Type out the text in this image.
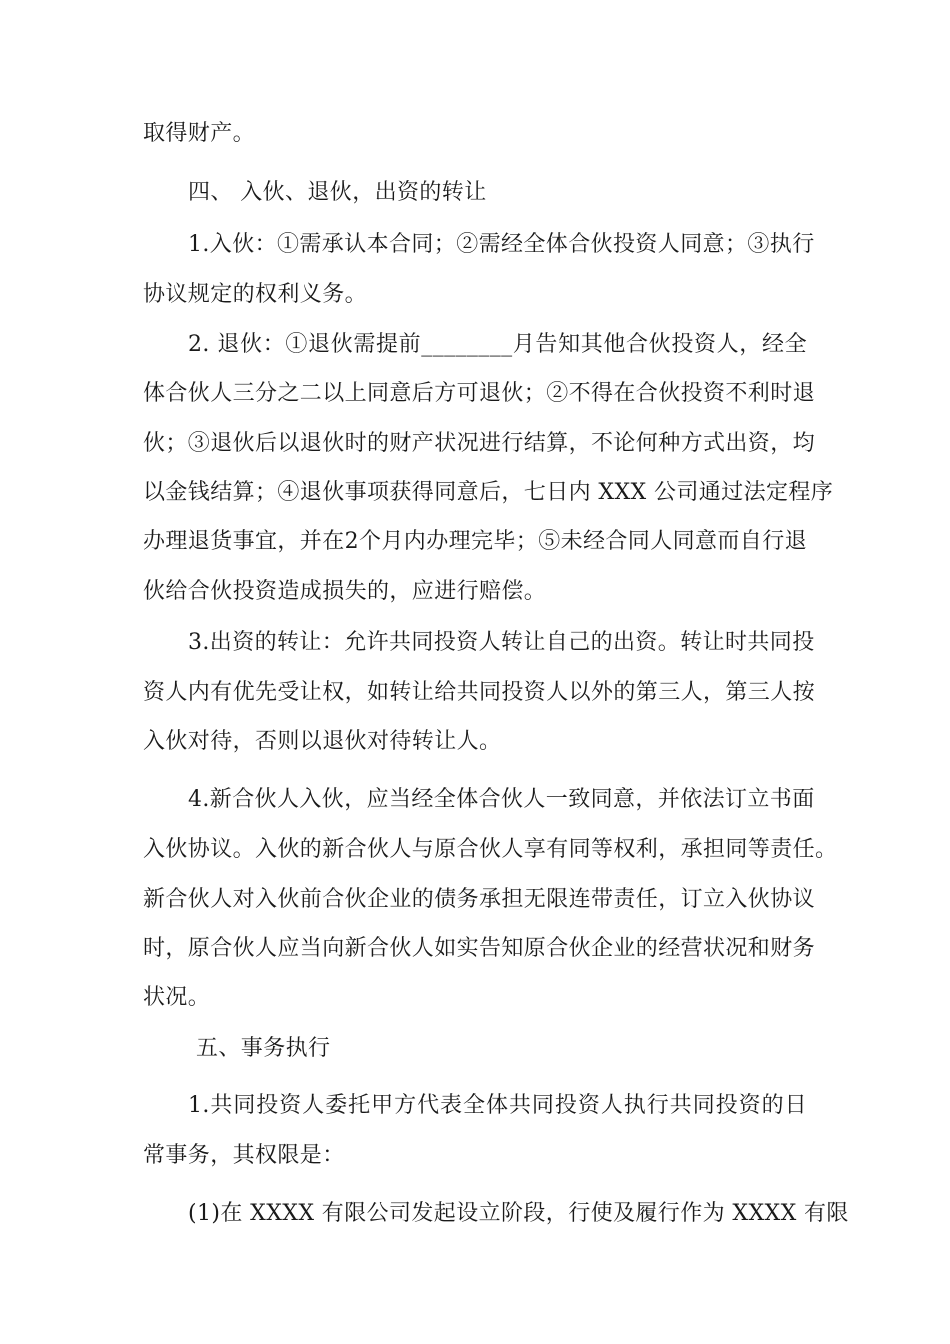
取得财产。
四、 入伙、退伙，出资的转让
1.入伙：①需承认本合同；②需经全体合伙投资人同意；③执行
协议规定的权利义务。
2. 退伙：①退伙需提前________月告知其他合伙投资人，经全
体合伙人三分之二以上同意后方可退伙；②不得在合伙投资不利时退
伙；③退伙后以退伙时的财产状况进行结算，不论何种方式出资，均
以金钱结算；④退伙事项获得同意后，七日内 XXX 公司通过法定程序
办理退货事宜，并在2个月内办理完毕；⑤未经合同人同意而自行退
伙给合伙投资造成损失的，应进行赔偿。
3.出资的转让：允许共同投资人转让自己的出资。转让时共同投
资人内有优先受让权，如转让给共同投资人以外的第三人，第三人按
入伙对待，否则以退伙对待转让人。
4.新合伙人入伙，应当经全体合伙人一致同意，并依法订立书面
入伙协议。入伙的新合伙人与原合伙人享有同等权利，承担同等责任。
新合伙人对入伙前合伙企业的债务承担无限连带责任，订立入伙协议
时，原合伙人应当向新合伙人如实告知原合伙企业的经营状况和财务
状况。
五、事务执行
1.共同投资人委托甲方代表全体共同投资人执行共同投资的日
常事务，其权限是：
(1)在 XXXX 有限公司发起设立阶段，行使及履行作为 XXXX 有限
